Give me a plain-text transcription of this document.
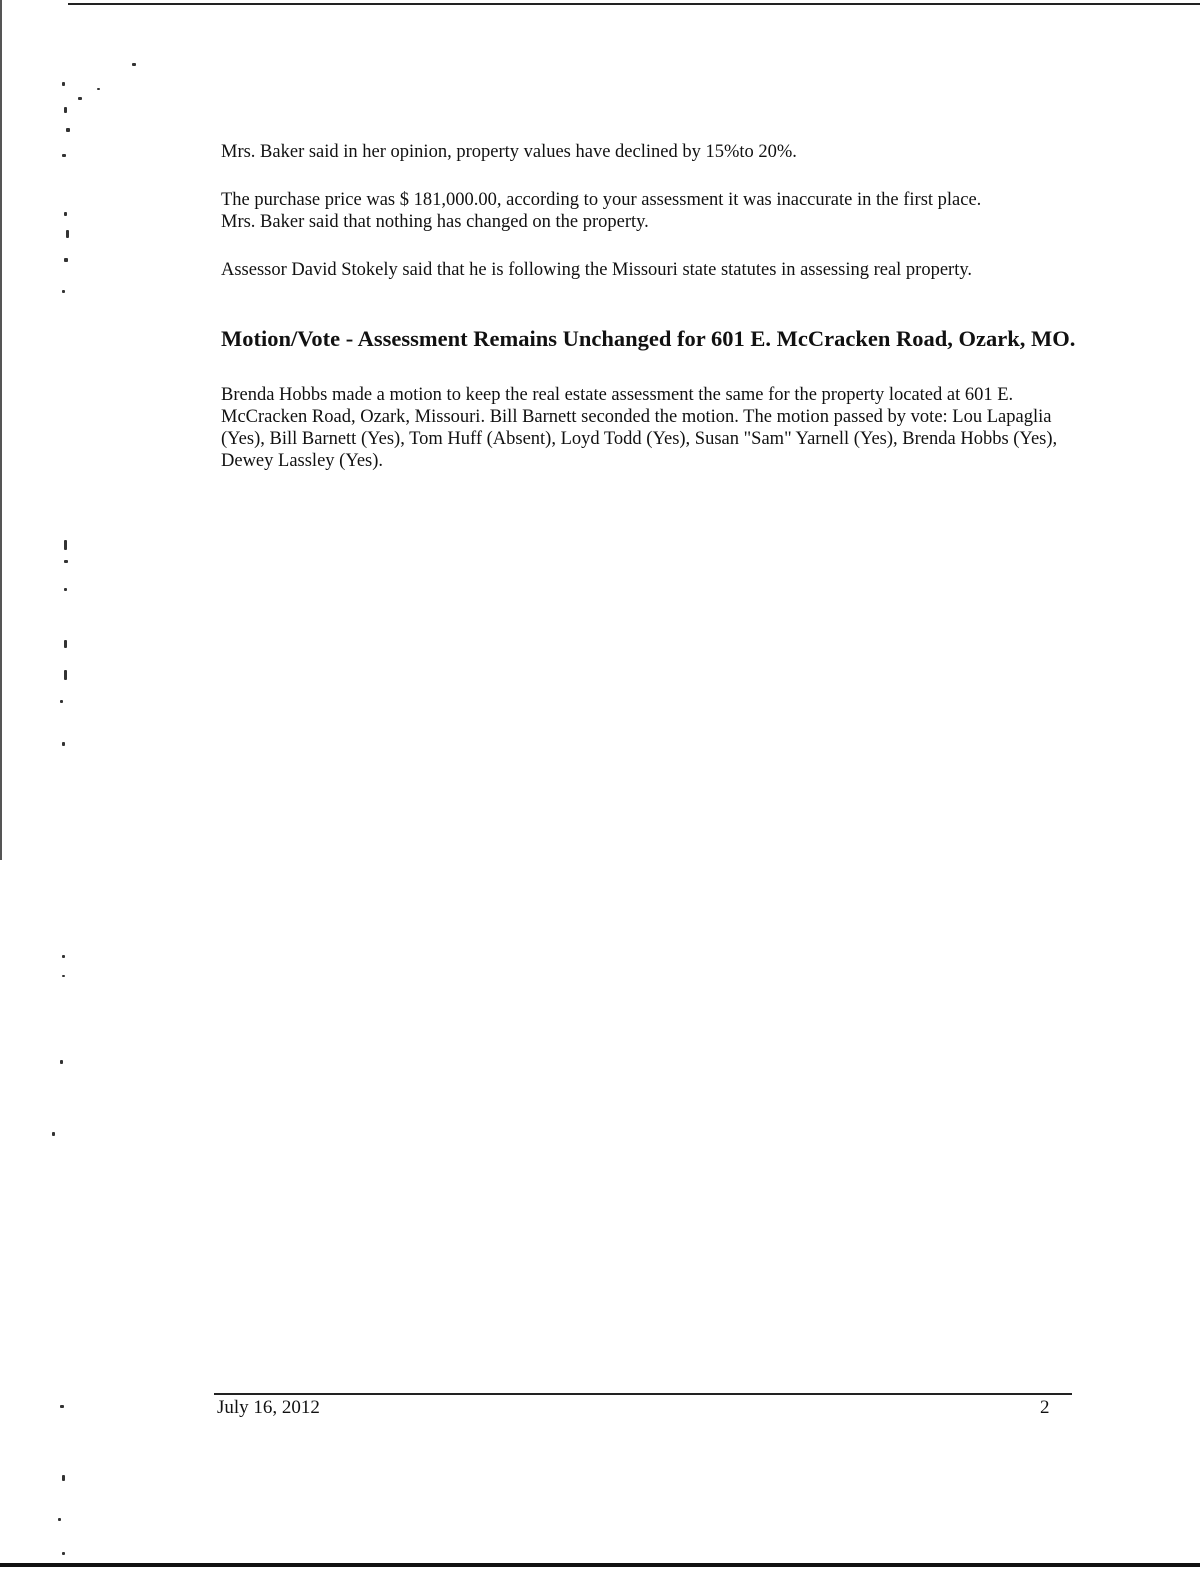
Mrs. Baker said in her opinion, property values have declined by 15%to 20%.

The purchase price was $ 181,000.00, according to your assessment it was inaccurate in the first place.

Mrs. Baker said that nothing has changed on the property.

Assessor David Stokely said that he is following the Missouri state statutes in assessing real property.

Motion/Vote - Assessment Remains Unchanged for 601 E. McCracken Road, Ozark, MO.

Brenda Hobbs made a motion to keep the real estate assessment the same for the property located at 601 E. McCracken Road, Ozark, Missouri. Bill Barnett seconded the motion. The motion passed by vote: Lou Lapaglia (Yes), Bill Barnett (Yes), Tom Huff (Absent), Loyd Todd (Yes), Susan "Sam" Yarnell (Yes), Brenda Hobbs (Yes), Dewey Lassley (Yes).

July 16, 2012	2
